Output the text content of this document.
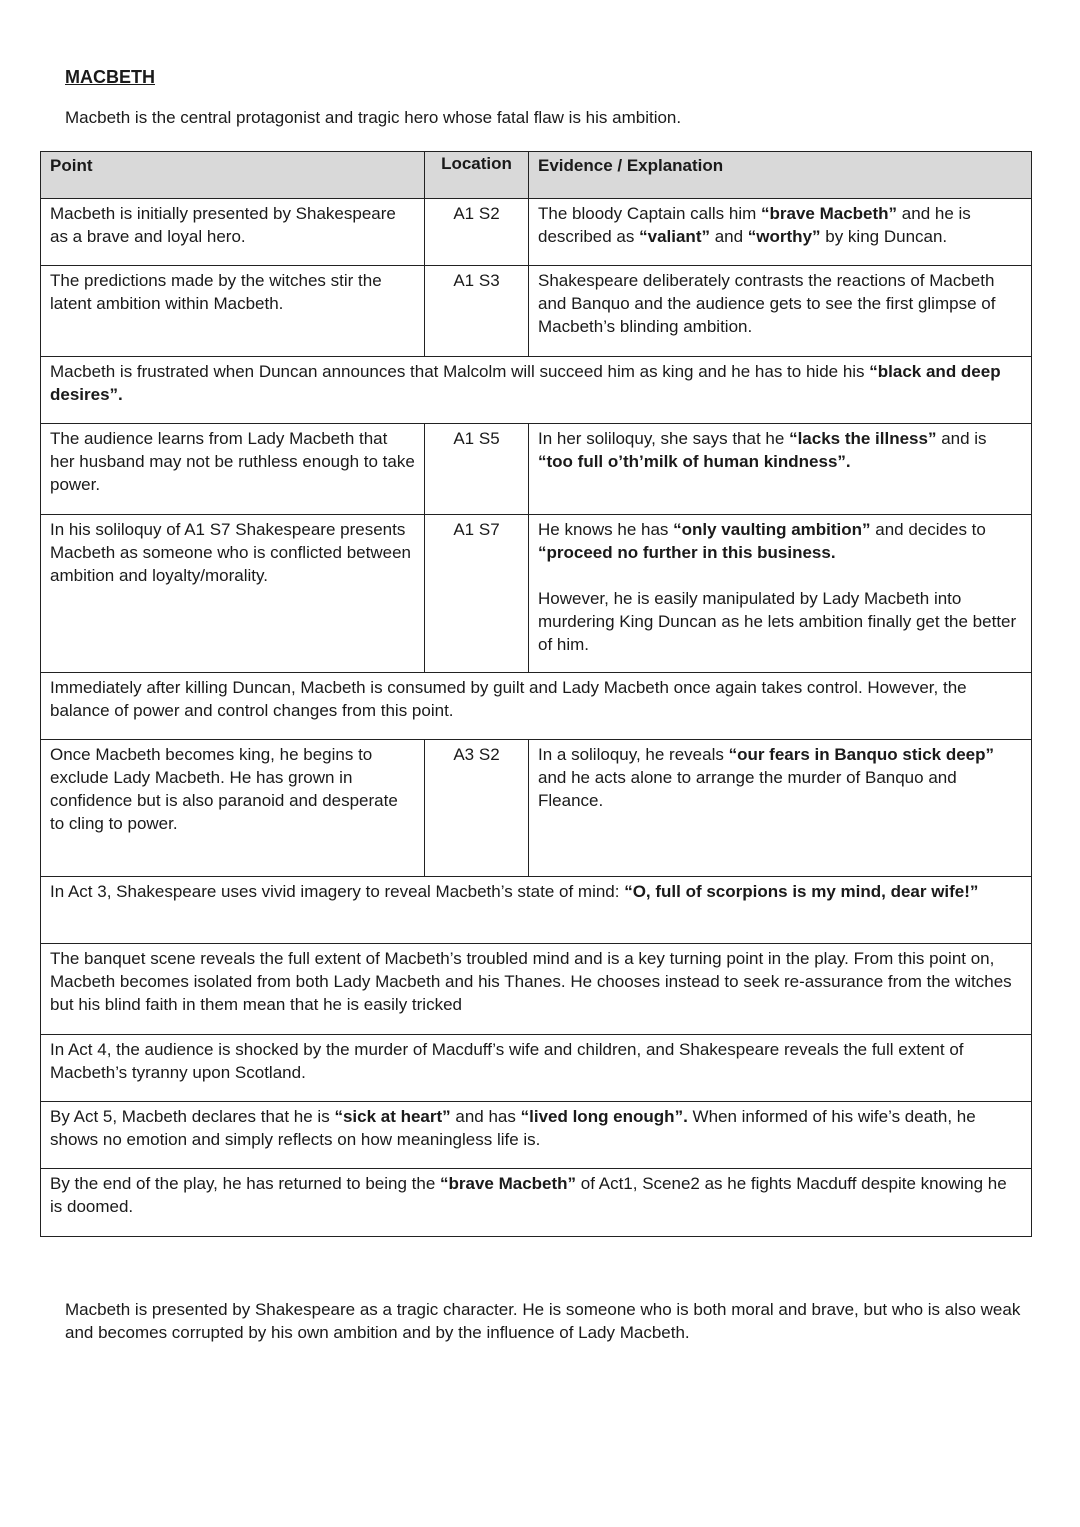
MACBETH
Macbeth is the central protagonist and tragic hero whose fatal flaw is his ambition.
Point	Location	Evidence / Explanation
Macbeth is initially presented by Shakespeare as a brave and loyal hero.	A1 S2	The bloody Captain calls him “brave Macbeth” and he is described as “valiant” and “worthy” by king Duncan.
The predictions made by the witches stir the latent ambition within Macbeth.	A1 S3	Shakespeare deliberately contrasts the reactions of Macbeth and Banquo and the audience gets to see the first glimpse of Macbeth’s blinding ambition.
Macbeth is frustrated when Duncan announces that Malcolm will succeed him as king and he has to hide his “black and deep desires”.		
The audience learns from Lady Macbeth that her husband may not be ruthless enough to take power.	A1 S5	In her soliloquy, she says that he “lacks the illness” and is “too full o’th’milk of human kindness”.
In his soliloquy of A1 S7 Shakespeare presents Macbeth as someone who is conflicted between ambition and loyalty/morality.	A1 S7	He knows he has “only vaulting ambition” and decides to “proceed no further in this business.

However, he is easily manipulated by Lady Macbeth into murdering King Duncan as he lets ambition finally get the better of him.

Immediately after killing Duncan, Macbeth is consumed by guilt and Lady Macbeth once again takes control. However, the balance of power and control changes from this point.		
Once Macbeth becomes king, he begins to exclude Lady Macbeth. He has grown in confidence but is also paranoid and desperate to cling to power.	A3 S2	In a soliloquy, he reveals “our fears in Banquo stick deep” and he acts alone to arrange the murder of Banquo and Fleance.
In Act 3, Shakespeare uses vivid imagery to reveal Macbeth’s state of mind: “O, full of scorpions is my mind, dear wife!”		
The banquet scene reveals the full extent of Macbeth’s troubled mind and is a key turning point in the play. From this point on, Macbeth becomes isolated from both Lady Macbeth and his Thanes. He chooses instead to seek re-assurance from the witches but his blind faith in them mean that he is easily tricked		
In Act 4, the audience is shocked by the murder of Macduff’s wife and children, and Shakespeare reveals the full extent of Macbeth’s tyranny upon Scotland.		
By Act 5, Macbeth declares that he is “sick at heart” and has “lived long enough”. When informed of his wife’s death, he shows no emotion and simply reflects on how meaningless life is.		
By the end of the play, he has returned to being the “brave Macbeth” of Act1, Scene2 as he fights Macduff despite knowing he is doomed.		
Macbeth is presented by Shakespeare as a tragic character. He is someone who is both moral and brave, but who is also weak and becomes corrupted by his own ambition and by the influence of Lady Macbeth.
